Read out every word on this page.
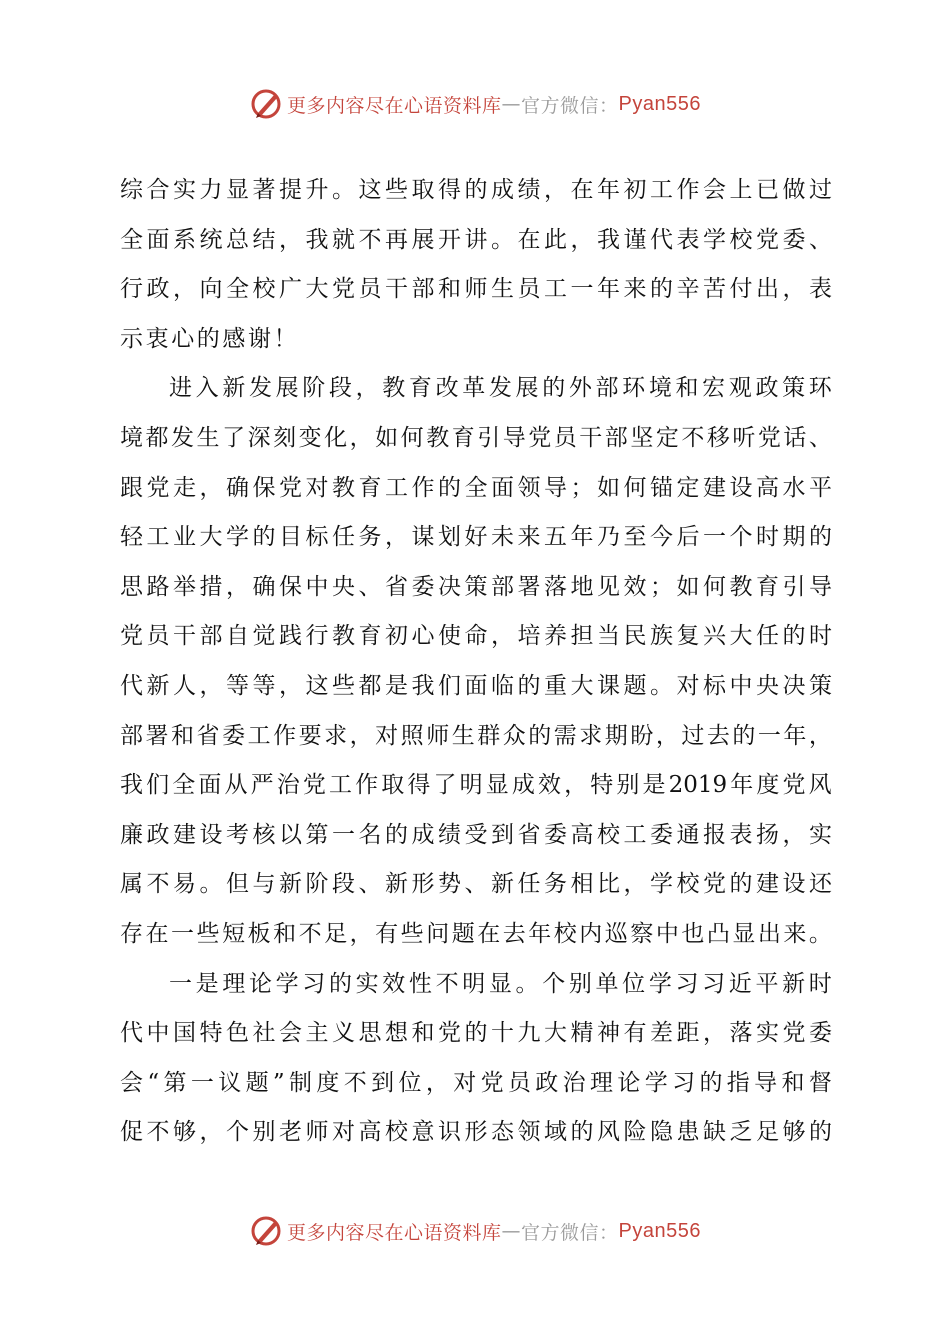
更多内容尽在心语资料库 — 官方微信： Pyan556
综 合 实 力 显 著 提 升 。 这 些 取 得 的 成 绩 ， 在 年 初 工 作 会 上 已 做 过
全 面 系 统 总 结 ， 我 就 不 再 展 开 讲 。 在 此 ， 我 谨 代 表 学 校 党 委 、
行 政 ， 向 全 校 广 大 党 员 干 部 和 师 生 员 工 一 年 来 的 辛 苦 付 出 ， 表
示衷心的感谢！
进 入 新 发 展 阶 段 ， 教 育 改 革 发 展 的 外 部 环 境 和 宏 观 政 策 环
境 都 发 生 了 深 刻 变 化 ， 如 何 教 育 引 导 党 员 干 部 坚 定 不 移 听 党 话 、
跟 党 走 ， 确 保 党 对 教 育 工 作 的 全 面 领 导 ； 如 何 锚 定 建 设 高 水 平
轻 工 业 大 学 的 目 标 任 务 ， 谋 划 好 未 来 五 年 乃 至 今 后 一 个 时 期 的
思 路 举 措 ， 确 保 中 央 、 省 委 决 策 部 署 落 地 见 效 ； 如 何 教 育 引 导
党 员 干 部 自 觉 践 行 教 育 初 心 使 命 ， 培 养 担 当 民 族 复 兴 大 任 的 时
代 新 人 ， 等 等 ， 这 些 都 是 我 们 面 临 的 重 大 课 题 。 对 标 中 央 决 策
部 署 和 省 委 工 作 要 求 ， 对 照 师 生 群 众 的 需 求 期 盼 ， 过 去 的 一 年 ，
我 们 全 面 从 严 治 党 工 作 取 得 了 明 显 成 效 ， 特 别 是 2019 年 度 党 风
廉 政 建 设 考 核 以 第 一 名 的 成 绩 受 到 省 委 高 校 工 委 通 报 表 扬 ， 实
属 不 易 。 但 与 新 阶 段 、 新 形 势 、 新 任 务 相 比 ， 学 校 党 的 建 设 还
存 在 一 些 短 板 和 不 足 ， 有 些 问 题 在 去 年 校 内 巡 察 中 也 凸 显 出 来 。
一 是 理 论 学 习 的 实 效 性 不 明 显 。 个 别 单 位 学 习 习 近 平 新 时
代 中 国 特 色 社 会 主 义 思 想 和 党 的 十 九 大 精 神 有 差 距 ， 落 实 党 委
会 “ 第 一 议 题 ” 制 度 不 到 位 ， 对 党 员 政 治 理 论 学 习 的 指 导 和 督
促 不 够 ， 个 别 老 师 对 高 校 意 识 形 态 领 域 的 风 险 隐 患 缺 乏 足 够 的
更多内容尽在心语资料库 — 官方微信： Pyan556
